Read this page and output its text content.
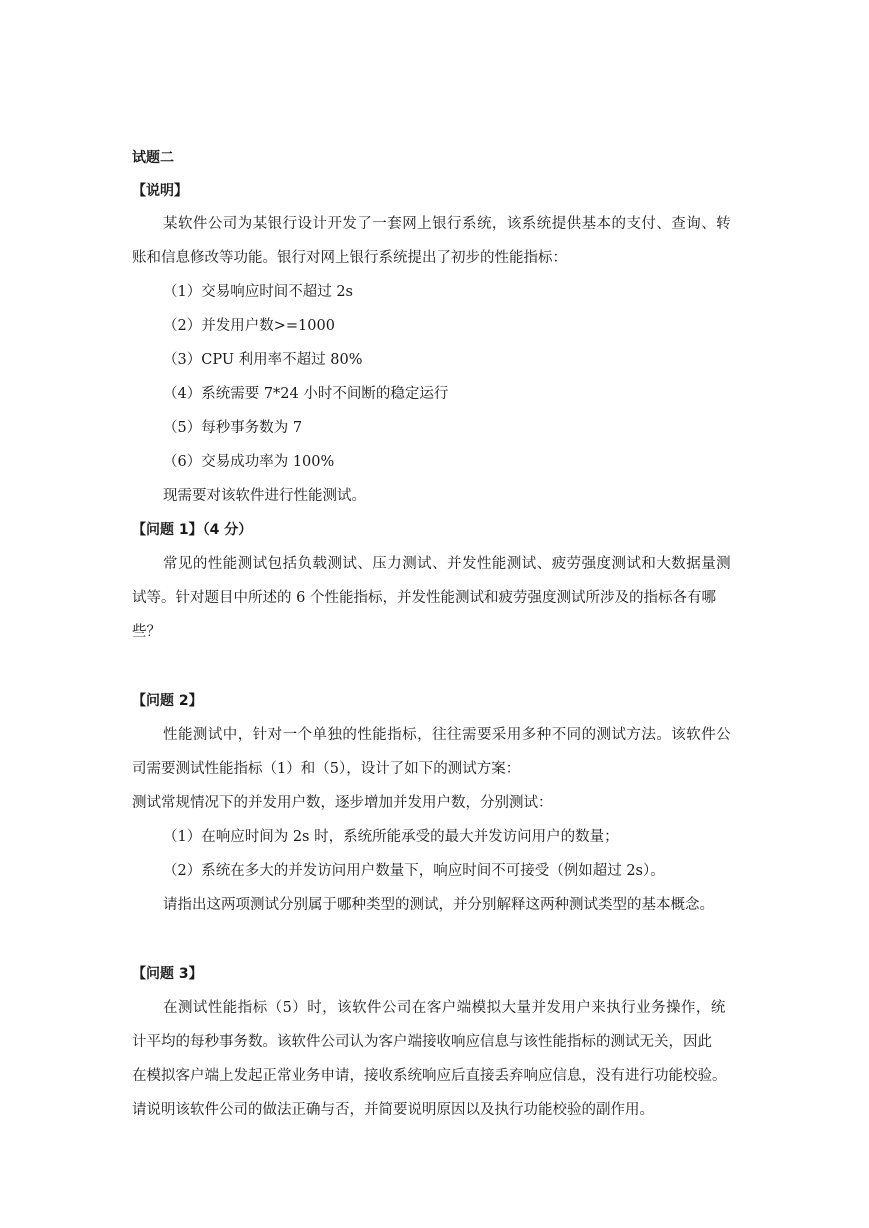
试题二

【说明】

某软件公司为某银行设计开发了一套网上银行系统，该系统提供基本的支付、查询、转

账和信息修改等功能。银行对网上银行系统提出了初步的性能指标：

（1）交易响应时间不超过 2s

（2）并发用户数>=1000

（3）CPU 利用率不超过 80%

（4）系统需要 7*24 小时不间断的稳定运行

（5）每秒事务数为 7

（6）交易成功率为 100%

现需要对该软件进行性能测试。

【问题 1】（4 分）

常见的性能测试包括负载测试、压力测试、并发性能测试、疲劳强度测试和大数据量测

试等。针对题目中所述的 6 个性能指标，并发性能测试和疲劳强度测试所涉及的指标各有哪

些？

【问题 2】

性能测试中，针对一个单独的性能指标，往往需要采用多种不同的测试方法。该软件公

司需要测试性能指标（1）和（5），设计了如下的测试方案：

测试常规情况下的并发用户数，逐步增加并发用户数，分别测试：

（1）在响应时间为 2s 时，系统所能承受的最大并发访问用户的数量；

（2）系统在多大的并发访问用户数量下，响应时间不可接受（例如超过 2s）。

请指出这两项测试分别属于哪种类型的测试，并分别解释这两种测试类型的基本概念。

【问题 3】

在测试性能指标（5）时，该软件公司在客户端模拟大量并发用户来执行业务操作，统

计平均的每秒事务数。该软件公司认为客户端接收响应信息与该性能指标的测试无关，因此

在模拟客户端上发起正常业务申请，接收系统响应后直接丢弃响应信息，没有进行功能校验。

请说明该软件公司的做法正确与否，并简要说明原因以及执行功能校验的副作用。
